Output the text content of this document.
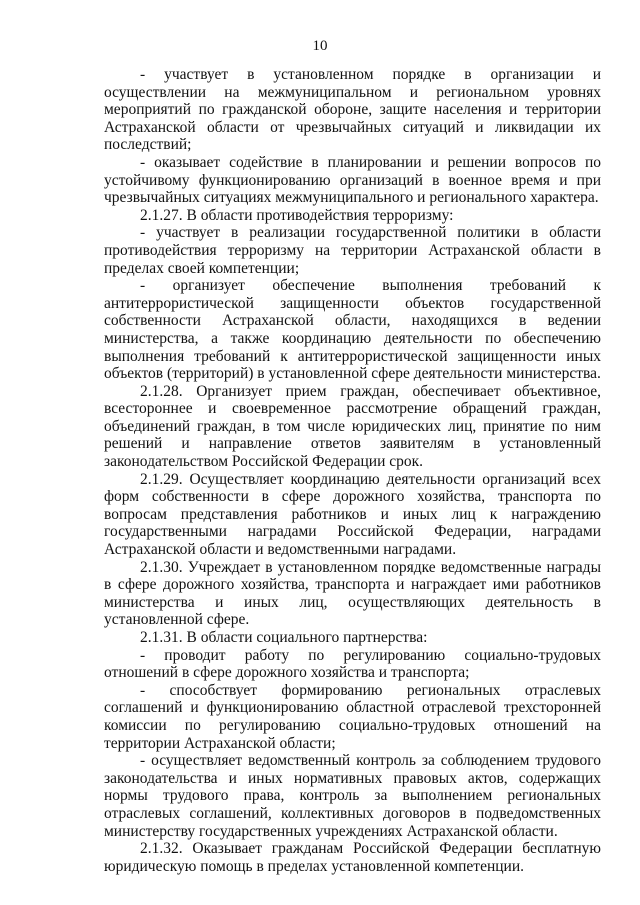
10

- участвует в установленном порядке в организации и осуществлении на межмуниципальном и региональном уровнях мероприятий по гражданской обороне, защите населения и территории Астраханской области от чрезвычайных ситуаций и ликвидации их последствий;

- оказывает содействие в планировании и решении вопросов по устойчивому функционированию организаций в военное время и при чрезвычайных ситуациях межмуниципального и регионального характера.

2.1.27. В области противодействия терроризму:

- участвует в реализации государственной политики в области противодействия терроризму на территории Астраханской области в пределах своей компетенции;

- организует обеспечение выполнения требований к антитеррористической защищенности объектов государственной собственности Астраханской области, находящихся в ведении министерства, а также координацию деятельности по обеспечению выполнения требований к антитеррористической защищенности иных объектов (территорий) в установленной сфере деятельности министерства.

2.1.28. Организует прием граждан, обеспечивает объективное, всестороннее и своевременное рассмотрение обращений граждан, объединений граждан, в том числе юридических лиц, принятие по ним решений и направление ответов заявителям в установленный законодательством Российской Федерации срок.

2.1.29. Осуществляет координацию деятельности организаций всех форм собственности в сфере дорожного хозяйства, транспорта по вопросам представления работников и иных лиц к награждению государственными наградами Российской Федерации, наградами Астраханской области и ведомственными наградами.

2.1.30. Учреждает в установленном порядке ведомственные награды в сфере дорожного хозяйства, транспорта и награждает ими работников министерства и иных лиц, осуществляющих деятельность в установленной сфере.

2.1.31. В области социального партнерства:

- проводит работу по регулированию социально-трудовых отношений в сфере дорожного хозяйства и транспорта;

- способствует формированию региональных отраслевых соглашений и функционированию областной отраслевой трехсторонней комиссии по регулированию социально-трудовых отношений на территории Астраханской области;

- осуществляет ведомственный контроль за соблюдением трудового законодательства и иных нормативных правовых актов, содержащих нормы трудового права, контроль за выполнением региональных отраслевых соглашений, коллективных договоров в подведомственных министерству государственных учреждениях Астраханской области.

2.1.32. Оказывает гражданам Российской Федерации бесплатную юридическую помощь в пределах установленной компетенции.
